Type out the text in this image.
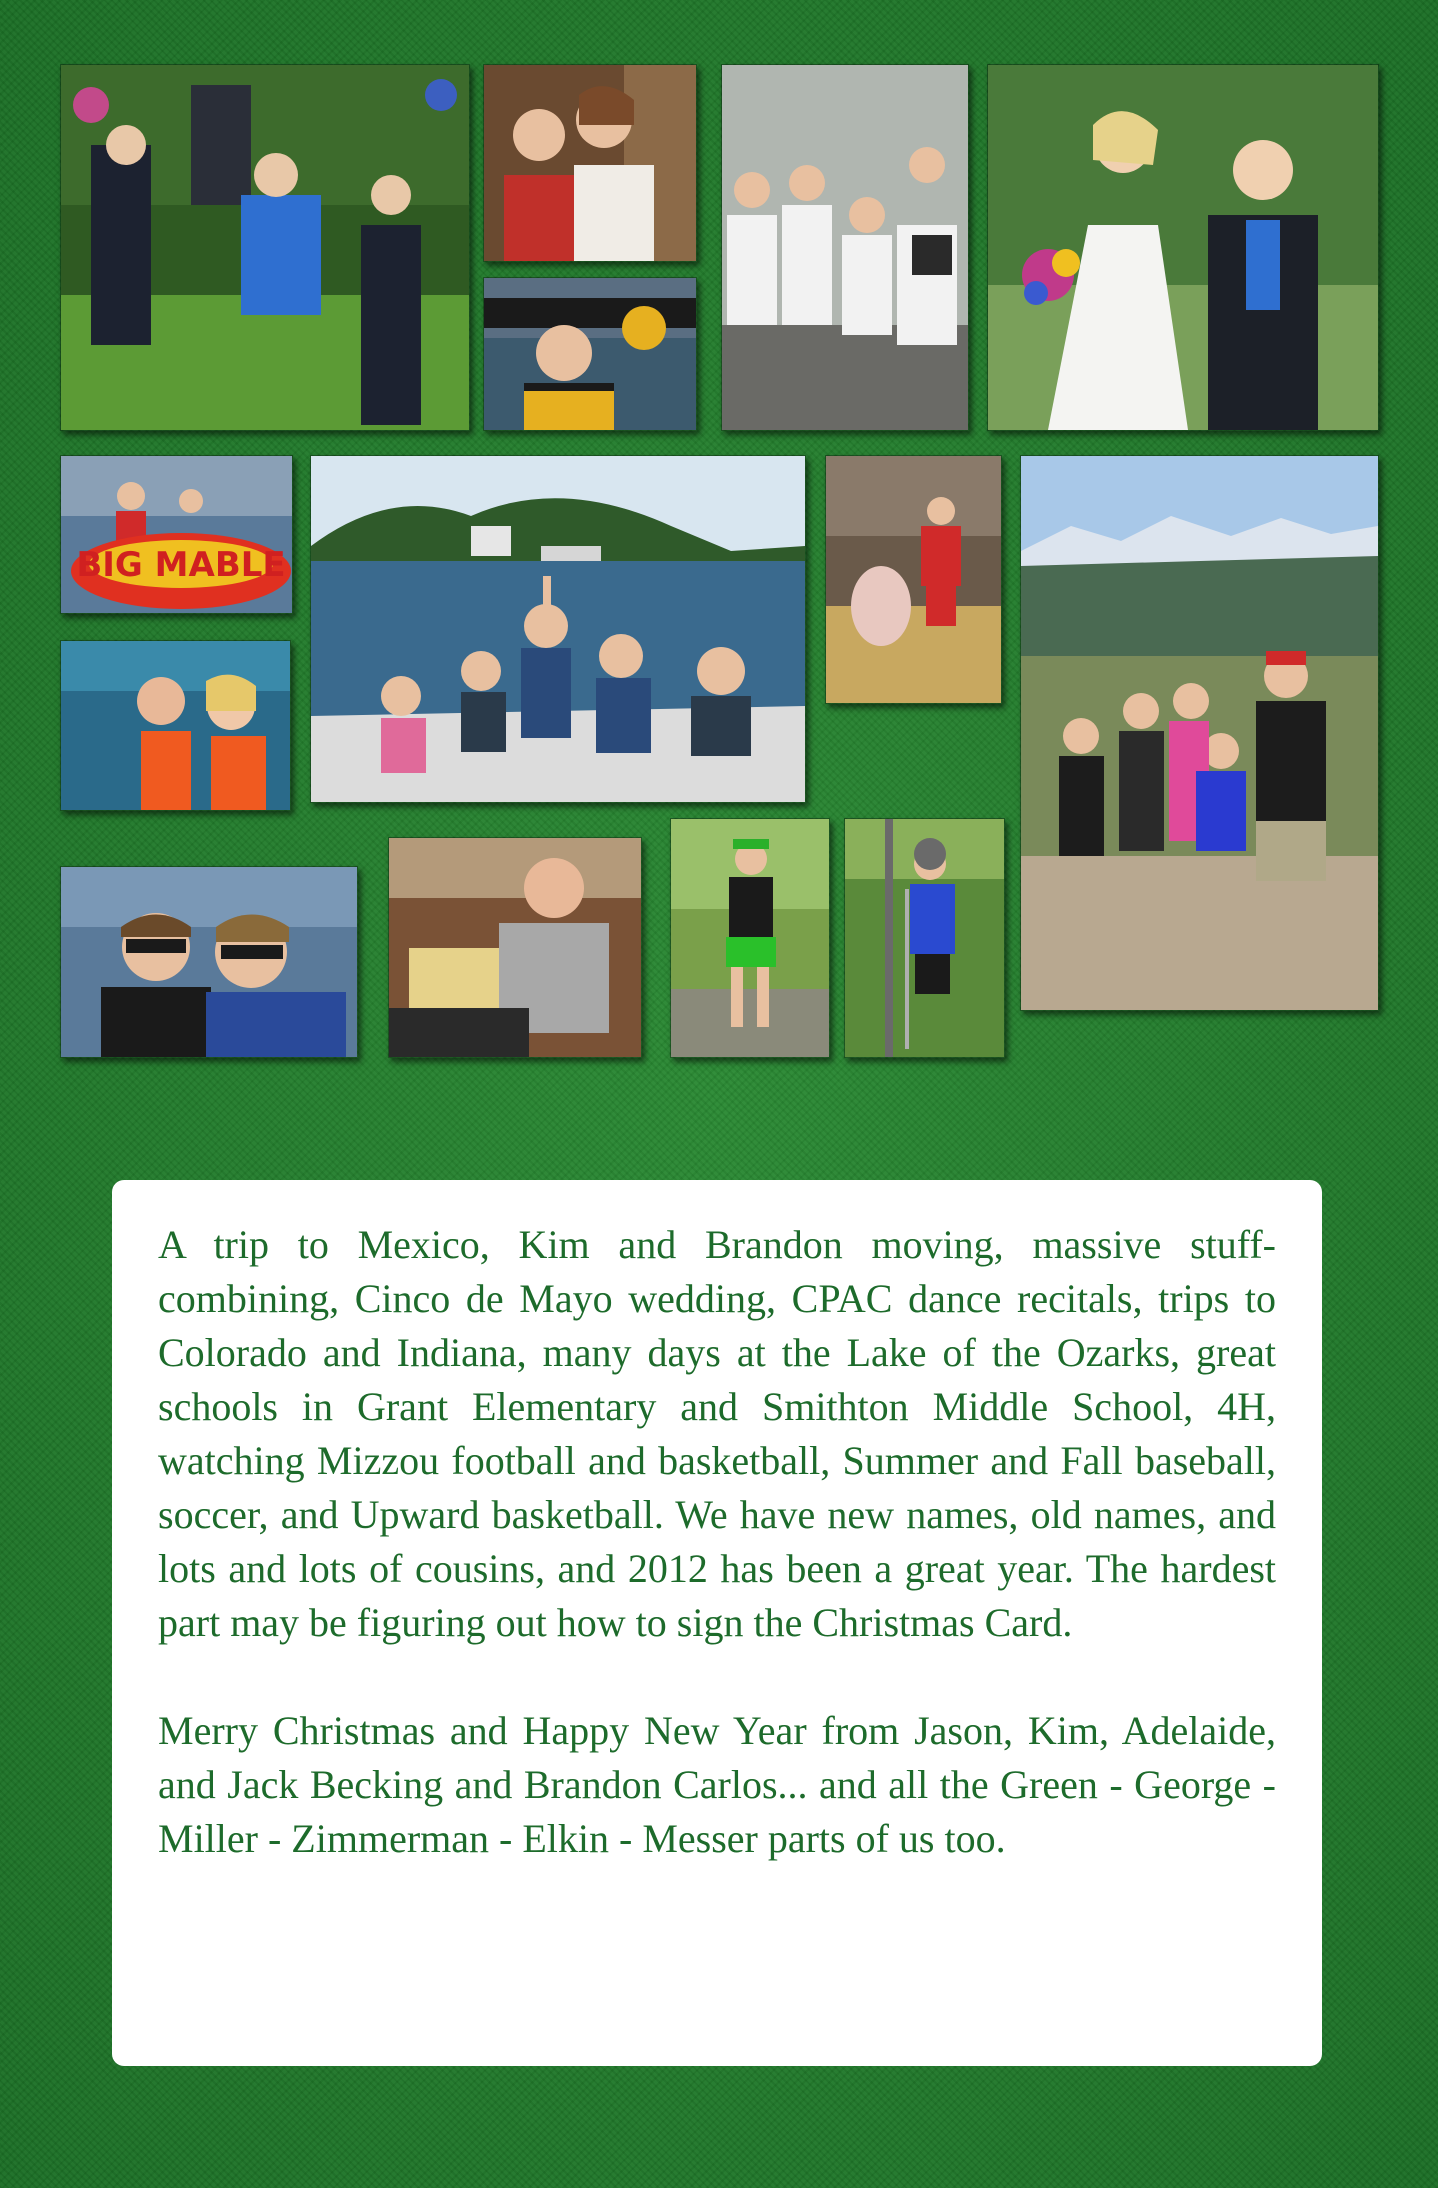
BIG MABLE

A trip to Mexico, Kim and Brandon moving, massive stuff-combining, Cinco de Mayo wedding, CPAC dance recitals, trips to Colorado and Indiana, many days at the Lake of the Ozarks, great schools in Grant Elementary and Smithton Middle School, 4H, watching Mizzou football and basketball, Summer and Fall baseball, soccer, and Upward basketball. We have new names, old names, and lots and lots of cousins, and 2012 has been a great year. The hardest part may be figuring out how to sign the Christmas Card.

Merry Christmas and Happy New Year from Jason, Kim, Adelaide, and Jack Becking and Brandon Carlos... and all the Green - George - Miller - Zimmerman - Elkin - Messer parts of us too.
